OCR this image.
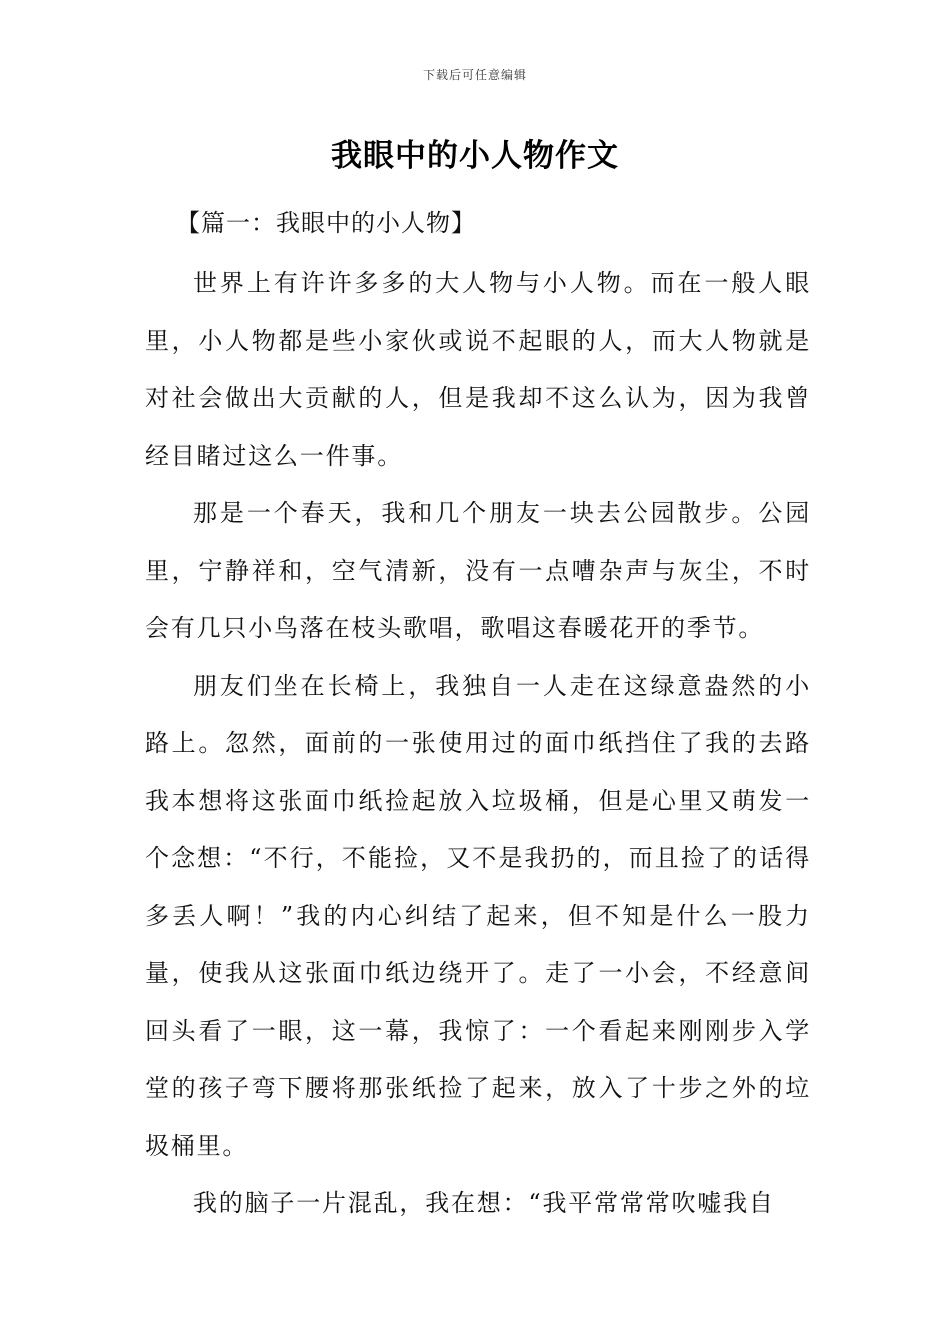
下载后可任意编辑
我眼中的小人物作文
【篇一：我眼中的小人物】

世界上有许许多多的大人物与小人物。而在一般人眼里，小人物都是些小家伙或说不起眼的人，而大人物就是对社会做出大贡献的人，但是我却不这么认为，因为我曾经目睹过这么一件事。

那是一个春天，我和几个朋友一块去公园散步。公园里，宁静祥和，空气清新，没有一点嘈杂声与灰尘，不时会有几只小鸟落在枝头歌唱，歌唱这春暖花开的季节。

朋友们坐在长椅上，我独自一人走在这绿意盎然的小路上。忽然，面前的一张使用过的面巾纸挡住了我的去路我本想将这张面巾纸捡起放入垃圾桶，但是心里又萌发一个念想：“不行，不能捡，又不是我扔的，而且捡了的话得多丢人啊！”我的内心纠结了起来，但不知是什么一股力量，使我从这张面巾纸边绕开了。走了一小会，不经意间回头看了一眼，这一幕，我惊了：一个看起来刚刚步入学堂的孩子弯下腰将那张纸捡了起来，放入了十步之外的垃圾桶里。

我的脑子一片混乱，我在想：“我平常常常吹嘘我自
